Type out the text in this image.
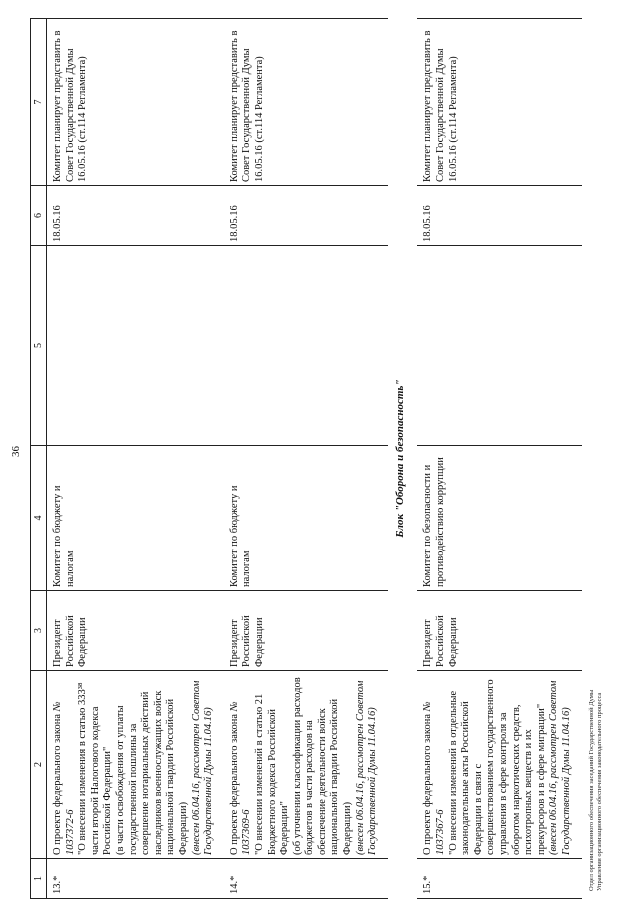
36
1	2	3	4	5	6	7
13.*	О проекте федерального закона № 1037372-6 "О внесении изменения в статью 333³⁸ части второй Налогового кодекса Российской Федерации" (в части освобождения от уплаты государственной пошлины за совершение нотариальных действий наследников военнослужащих войск национальной гвардии Российской Федерации) (внесен 06.04.16, рассмотрен Советом Государственной Думы 11.04.16)	Президент Российской Федерации	Комитет по бюджету и налогам		18.05.16	Комитет планирует представить в Совет Государственной Думы 16.05.16 (ст.114 Регламента)
14.*	О проекте федерального закона № 1037369-6 "О внесении изменений в статью 21 Бюджетного кодекса Российской Федерации" (об уточнении классификации расходов бюджетов в части расходов на обеспечение деятельности войск национальной гвардии Российской Федерации) (внесен 06.04.16, рассмотрен Советом Государственной Думы 11.04.16)	Президент Российской Федерации	Комитет по бюджету и налогам		18.05.16	Комитет планирует представить в Совет Государственной Думы 16.05.16 (ст.114 Регламента)
Блок "Оборона и безопасность"						
15.*	О проекте федерального закона № 1037367-6 "О внесении изменений в отдельные законодательные акты Российской Федерации в связи с совершенствованием государственного управления в сфере контроля за оборотом наркотических средств, психотропных веществ и их прекурсоров и в сфере миграции" (внесен 06.04.16, рассмотрен Советом Государственной Думы 11.04.16)	Президент Российской Федерации	Комитет по безопасности и противодействию коррупции		18.05.16	Комитет планирует представить в Совет Государственной Думы 16.05.16 (ст.114 Регламента)
Отдел организационного обеспечения заседаний Государственной Думы Управления организационного обеспечения законодательного процесса
